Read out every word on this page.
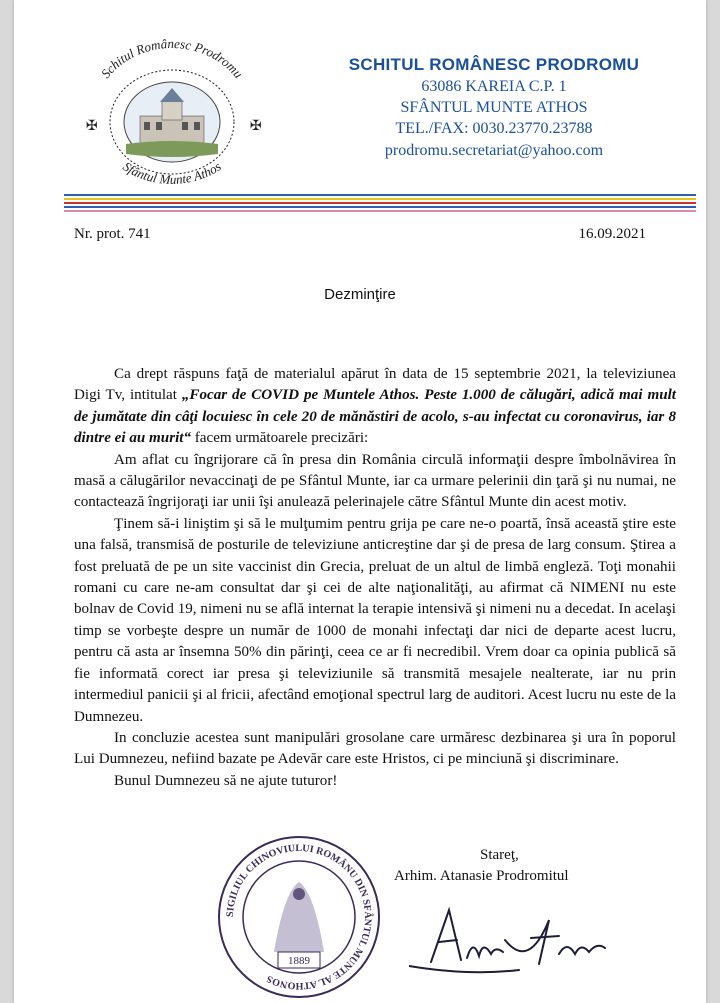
✠	✠
Schitul Românesc Prodromu
Sfântul Munte Athos
SCHITUL ROMÂNESC PRODROMU
63086 KAREIA C.P. 1
SFÂNTUL MUNTE ATHOS
TEL./FAX: 0030.23770.23788
prodromu.secretariat@yahoo.com
Nr. prot. 741	16.09.2021
Dezminţire

Ca drept răspuns faţă de materialul apărut în data de 15 septembrie 2021, la televiziunea Digi Tv, intitulat „Focar de COVID pe Muntele Athos. Peste 1.000 de călugări, adică mai mult de jumătate din câţi locuiesc în cele 20 de mănăstiri de acolo, s-au infectat cu coronavirus, iar 8 dintre ei au murit“ facem următoarele precizări:

Am aflat cu îngrijorare că în presa din România circulă informaţii despre îmbolnăvirea în masă a călugărilor nevaccinaţi de pe Sfântul Munte, iar ca urmare pelerinii din ţară şi nu numai, ne contactează îngrijoraţi iar unii îşi anulează pelerinajele către Sfântul Munte din acest motiv.

Ţinem să-i liniştim şi să le mulţumim pentru grija pe care ne-o poartă, însă această ştire este una falsă, transmisă de posturile de televiziune anticreştine dar şi de presa de larg consum. Ştirea a fost preluată de pe un site vaccinist din Grecia, preluat de un altul de limbă engleză. Toţi monahii romani cu care ne-am consultat dar şi cei de alte naţionalităţi, au afirmat că NIMENI nu este bolnav de Covid 19, nimeni nu se află internat la terapie intensivă şi nimeni nu a decedat. In acelaşi timp se vorbeşte despre un număr de 1000 de monahi infectaţi dar nici de departe acest lucru, pentru că asta ar însemna 50% din părinţi, ceea ce ar fi necredibil. Vrem doar ca opinia publică să fie informată corect iar presa şi televiziunile să transmită mesajele nealterate, iar nu prin intermediul panicii şi al fricii, afectând emoţional spectrul larg de auditori. Acest lucru nu este de la Dumnezeu.

In concluzie acestea sunt manipulări grosolane care urmăresc dezbinarea şi ura în poporul Lui Dumnezeu, nefiind bazate pe Adevăr care este Hristos, ci pe minciună şi discriminare.

Bunul Dumnezeu să ne ajute tuturor!

SIGILIUL CHINOVIULUI ROMÂNU DIN SFÂNTUL MUNTE AL ATHONOS
1889
Stareţ,
Arhim. Atanasie Prodromitul
